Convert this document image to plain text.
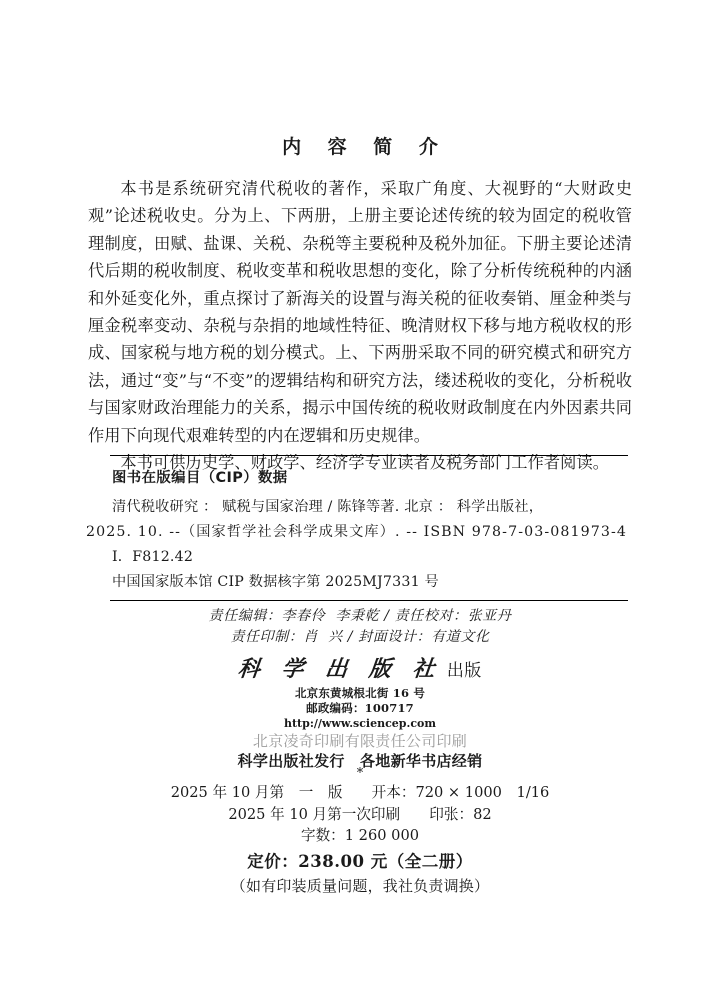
内 容 简 介

本书是系统研究清代税收的著作，采取广角度、大视野的“大财政史观”论述税收史。分为上、下两册，上册主要论述传统的较为固定的税收管理制度，田赋、盐课、关税、杂税等主要税种及税外加征。下册主要论述清代后期的税收制度、税收变革和税收思想的变化，除了分析传统税种的内涵和外延变化外，重点探讨了新海关的设置与海关税的征收奏销、厘金种类与厘金税率变动、杂税与杂捐的地域性特征、晚清财权下移与地方税收权的形成、国家税与地方税的划分模式。上、下两册采取不同的研究模式和研究方法，通过“变”与“不变”的逻辑结构和研究方法，缕述税收的变化，分析税收与国家财政治理能力的关系，揭示中国传统的税收财政制度在内外因素共同作用下向现代艰难转型的内在逻辑和历史规律。

本书可供历史学、财政学、经济学专业读者及税务部门工作者阅读。

图书在版编目（CIP）数据
清代税收研究 ： 赋税与国家治理 / 陈锋等著. 北京 ： 科学出版社，
2025. 10. --（国家哲学社会科学成果文库）. -- ISBN 978-7-03-081973-4
Ⅰ．F812.42
中国国家版本馆 CIP 数据核字第 2025MJ7331 号
责任编辑：李春伶  李秉乾 / 责任校对：张亚丹
责任印制：肖  兴 / 封面设计：有道文化
科 学 出 版 社 出版
北京东黄城根北街 16 号
邮政编码：100717
http://www.sciencep.com
北京凌奇印刷有限责任公司印刷
科学出版社发行　各地新华书店经销
*
2025 年 10 月第　一　版　　开本：720 × 1000　1/16
2025 年 10 月第一次印刷　　印张：82
字数：1 260 000
定价：238.00 元（全二册）
（如有印装质量问题，我社负责调换）
